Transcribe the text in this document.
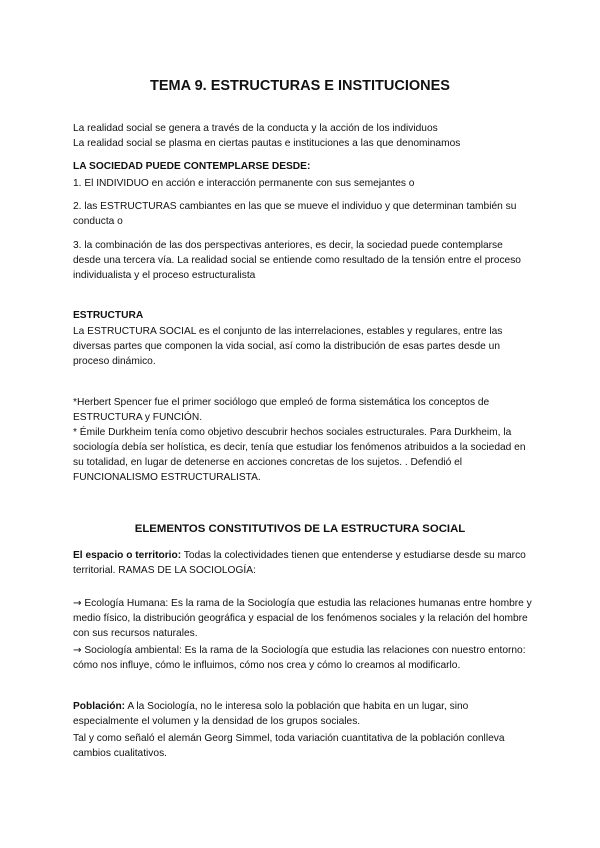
TEMA 9. ESTRUCTURAS E INSTITUCIONES

La realidad social se genera a través de la conducta y la acción de los individuos

La realidad social se plasma en ciertas pautas e instituciones a las que denominamos

LA SOCIEDAD PUEDE CONTEMPLARSE DESDE:
1. El INDIVIDUO en acción e interacción permanente con sus semejantes o
2. las ESTRUCTURAS cambiantes en las que se mueve el individuo y que determinan también su conducta o
3. la combinación de las dos perspectivas anteriores, es decir, la sociedad puede contemplarse desde una tercera vía. La realidad social se entiende como resultado de la tensión entre el proceso individualista y el proceso estructuralista
ESTRUCTURA
La ESTRUCTURA SOCIAL es el conjunto de las interrelaciones, estables y regulares, entre las diversas partes que componen la vida social, así como la distribución de esas partes desde un proceso dinámico.
*Herbert Spencer fue el primer sociólogo que empleó de forma sistemática los conceptos de ESTRUCTURA y FUNCIÓN.
* Émile Durkheim tenía como objetivo descubrir hechos sociales estructurales. Para Durkheim, la sociología debía ser holística, es decir, tenía que estudiar los fenómenos atribuidos a la sociedad en su totalidad, en lugar de detenerse en acciones concretas de los sujetos. . Defendió el FUNCIONALISMO ESTRUCTURALISTA.
ELEMENTOS CONSTITUTIVOS DE LA ESTRUCTURA SOCIAL
El espacio o territorio: Todas la colectividades tienen que entenderse y estudiarse desde su marco territorial. RAMAS DE LA SOCIOLOGÍA:
→ Ecología Humana: Es la rama de la Sociología que estudia las relaciones humanas entre hombre y medio físico, la distribución geográfica y espacial de los fenómenos sociales y la relación del hombre con sus recursos naturales.
→ Sociología ambiental: Es la rama de la Sociología que estudia las relaciones con nuestro entorno: cómo nos influye, cómo le influimos, cómo nos crea y cómo lo creamos al modificarlo.
Población: A la Sociología, no le interesa solo la población que habita en un lugar, sino especialmente el volumen y la densidad de los grupos sociales.
Tal y como señaló el alemán Georg Simmel, toda variación cuantitativa de la población conlleva cambios cualitativos.
